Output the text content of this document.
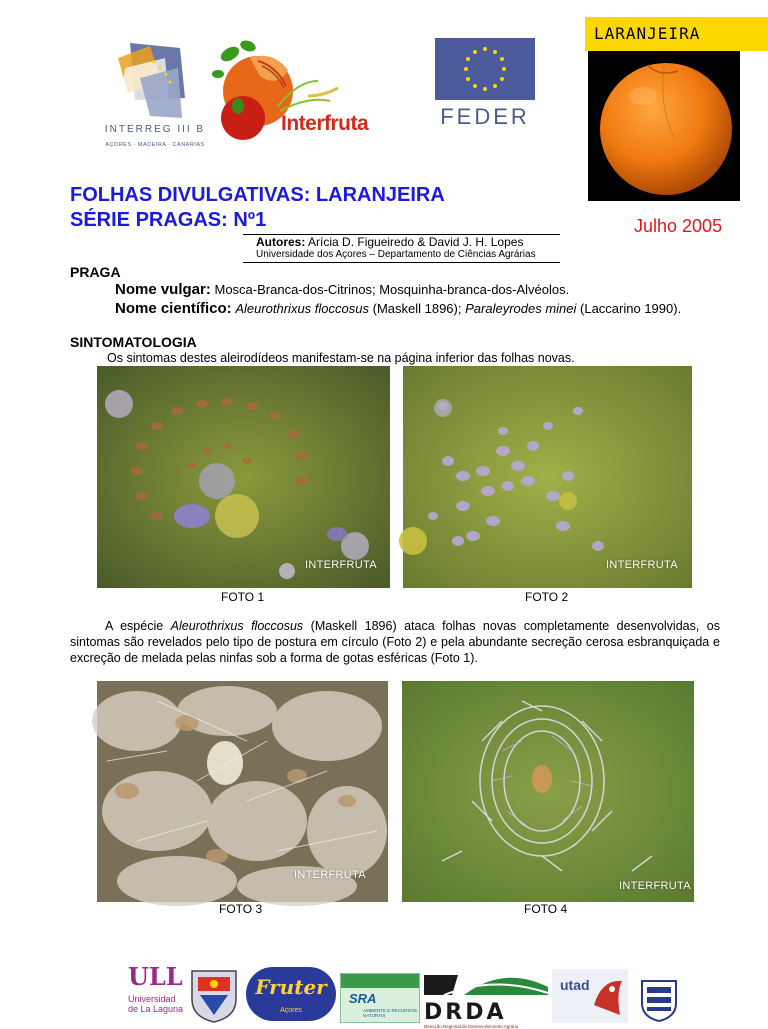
INTERREG III B
AÇORES · MADEIRA · CANARIAS
Interfruta	FEDER
LARANJEIRA
FOLHAS DIVULGATIVAS: LARANJEIRA
SÉRIE PRAGAS: Nº1	Julho 2005
Autores: Arícia D. Figueiredo & David J. H. Lopes
Universidade dos Açores – Departamento de Ciências Agrárias
PRAGA
Nome vulgar: Mosca-Branca-dos-Citrinos; Mosquinha-branca-dos-Alvéolos.
Nome científico: Aleurothrixus floccosus (Maskell 1896); Paraleyrodes minei (Laccarino 1990).
SINTOMATOLOGIA
Os sintomas destes aleirodídeos manifestam-se na página inferior das folhas novas.
INTERFRUTA	INTERFRUTA
FOTO 1	FOTO 2

A espécie Aleurothrixus floccosus (Maskell 1896) ataca folhas novas completamente desenvolvidas, os sintomas são revelados pelo tipo de postura em círculo (Foto 2) e pela abundante secreção cerosa esbranquiçada e excreção de melada pelas ninfas sob a forma de gotas esféricas (Foto 1).

INTERFRUTA
INTERFRUTA
FOTO 3	FOTO 4
ULL
Universidad
de La Laguna
Fruter
Açores
SRA
AMBIENTE E RECURSOS NATURAIS	DRDA
Direcção Regional de Desenvolvimento Agrário
utad
